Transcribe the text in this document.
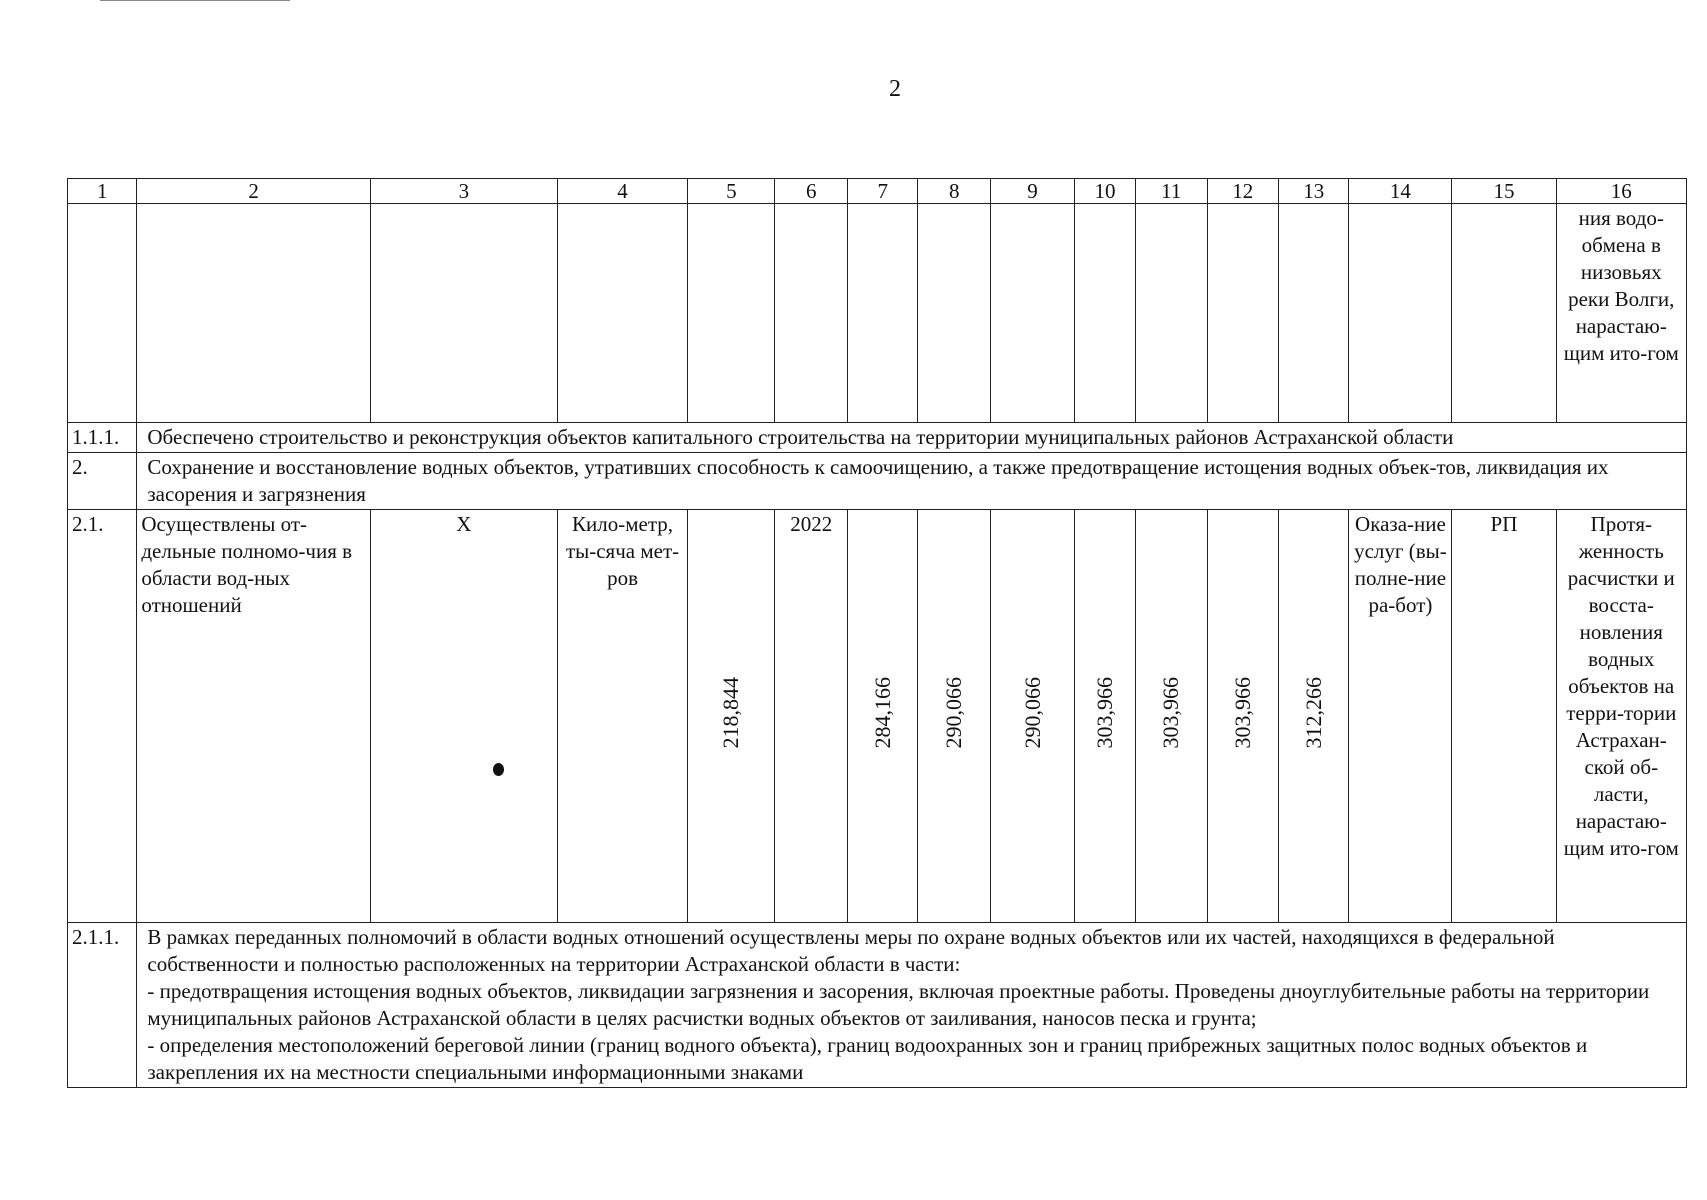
2
1	2	3	4	5	6	7	8	9	10	11	12	13	14	15	16
															ния водо-обмена в низовьях реки Волги, нарастаю-щим ито-гом
1.1.1.	Обеспечено строительство и реконструкция объектов капитального строительства на территории муниципальных районов Астраханской области														
2.	Сохранение и восстановление водных объектов, утративших способность к самоочищению, а также предотвращение истощения водных объек-тов, ликвидация их засорения и загрязнения														
2.1.	Осуществлены от-дельные полномо-чия в области вод-ных отношений	Х	Кило-метр, ты-сяча мет-ров	218,844	2022	284,166	290,066	290,066	303,966	303,966	303,966	312,266	Оказа-ние услуг (вы-полне-ние ра-бот)	РП	Протя-женность расчистки и восста-новления водных объектов на терри-тории Астрахан-ской об-ласти, нарастаю-щим ито-гом
2.1.1.	В рамках переданных полномочий в области водных отношений осуществлены меры по охране водных объектов или их частей, находящихся в федеральной собственности и полностью расположенных на территории Астраханской области в части:
- предотвращения истощения водных объектов, ликвидации загрязнения и засорения, включая проектные работы. Проведены дноуглубительные работы на территории муниципальных районов Астраханской области в целях расчистки водных объектов от заиливания, наносов песка и грунта;
- определения местоположений береговой линии (границ водного объекта), границ водоохранных зон и границ прибрежных защитных полос водных объектов и закрепления их на местности специальными информационными знаками														
